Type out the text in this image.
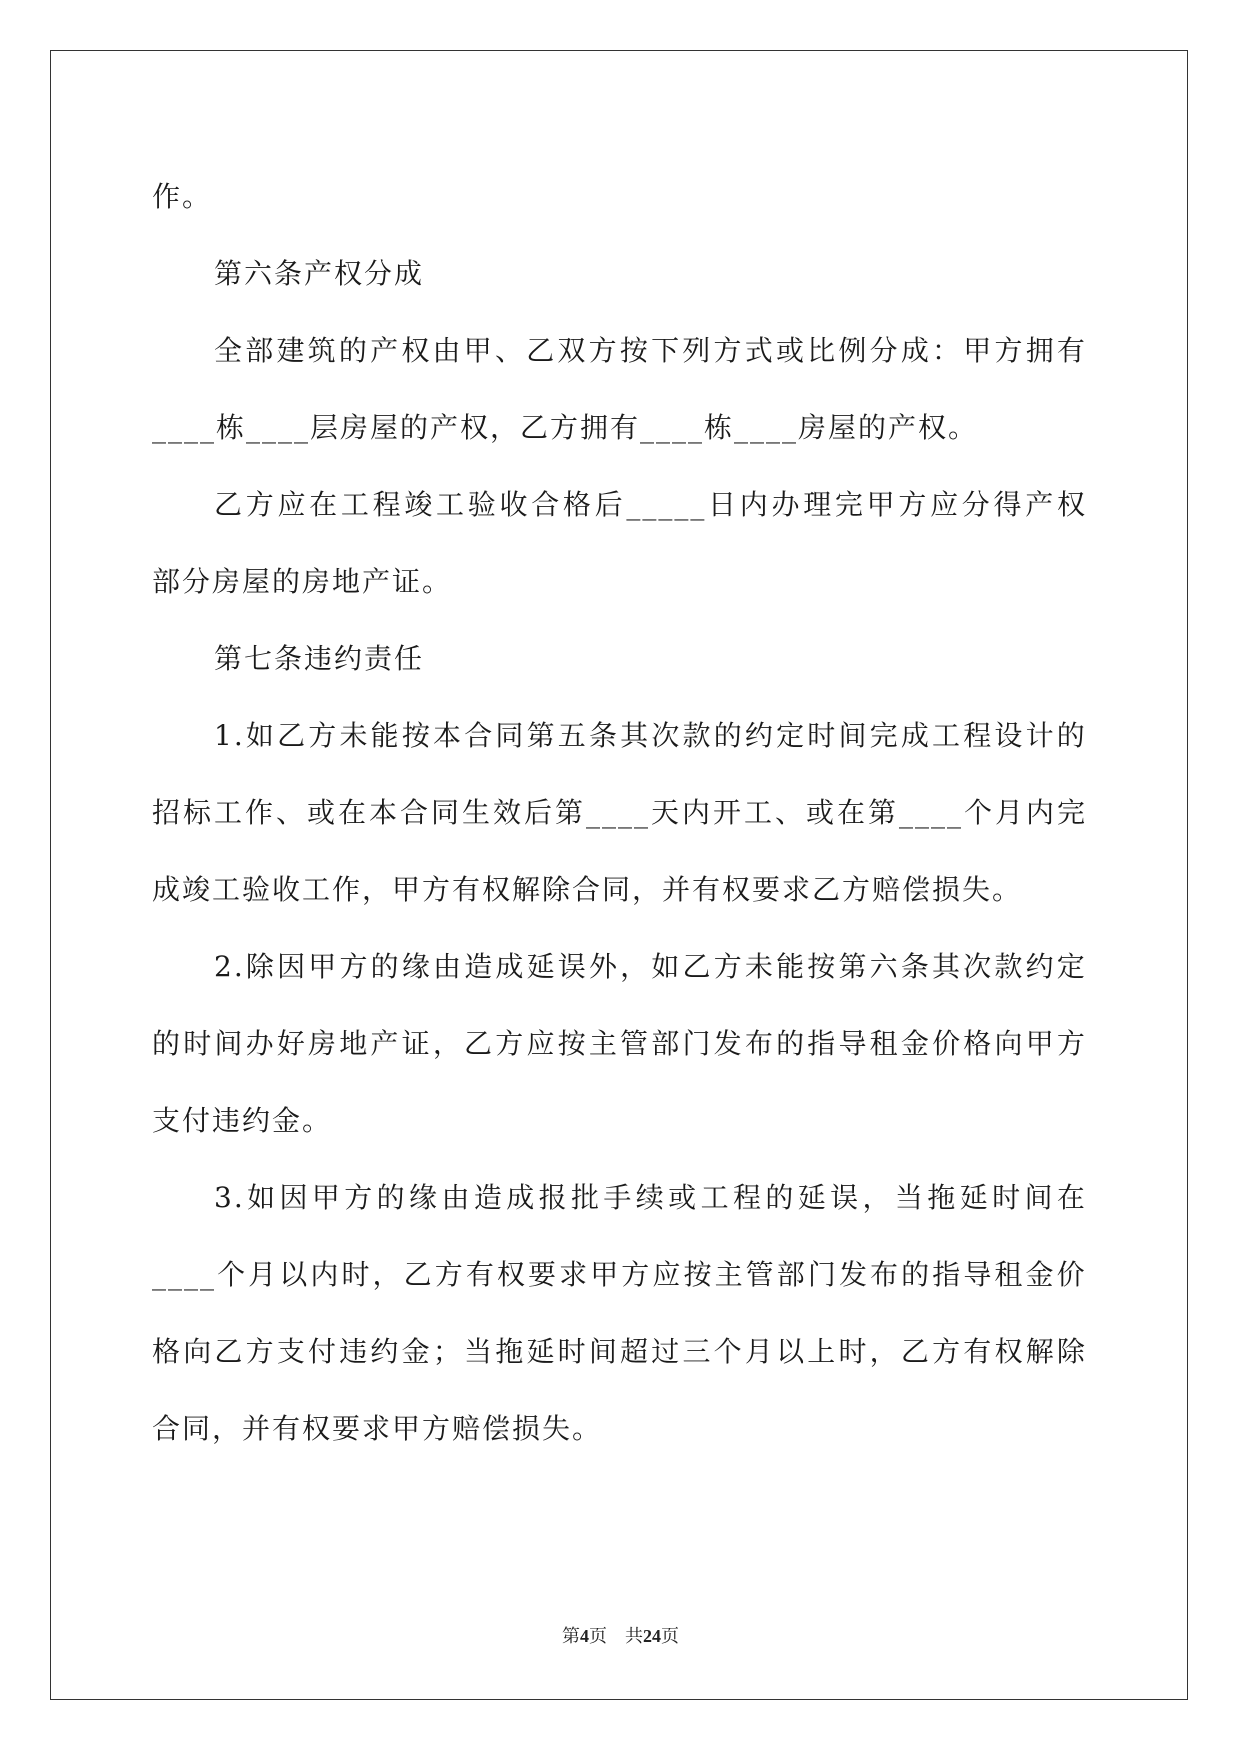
作。
第六条产权分成
全 部 建 筑 的 产 权 由 甲 、 乙 双 方 按 下 列 方 式 或 比 例 分 成 ： 甲 方 拥 有
____栋____层房屋的产权，乙方拥有____栋____房屋的产权。
乙 方 应 在 工 程 竣 工 验 收 合 格 后 _____ 日 内 办 理 完 甲 方 应 分 得 产 权
部分房屋的房地产证。
第七条违约责任
1. 如 乙 方 未 能 按 本 合 同 第 五 条 其 次 款 的 约 定 时 间 完 成 工 程 设 计 的
招 标 工 作 、 或 在 本 合 同 生 效 后 第 ____ 天 内 开 工 、 或 在 第 ____ 个 月 内 完
成竣工验收工作，甲方有权解除合同，并有权要求乙方赔偿损失。
2. 除 因 甲 方 的 缘 由 造 成 延 误 外 ， 如 乙 方 未 能 按 第 六 条 其 次 款 约 定
的 时 间 办 好 房 地 产 证 ， 乙 方 应 按 主 管 部 门 发 布 的 指 导 租 金 价 格 向 甲 方
支付违约金。
3. 如 因 甲 方 的 缘 由 造 成 报 批 手 续 或 工 程 的 延 误 ， 当 拖 延 时 间 在
____ 个 月 以 内 时 ， 乙 方 有 权 要 求 甲 方 应 按 主 管 部 门 发 布 的 指 导 租 金 价
格 向 乙 方 支 付 违 约 金 ； 当 拖 延 时 间 超 过 三 个 月 以 上 时 ， 乙 方 有 权 解 除
合同，并有权要求甲方赔偿损失。
第4页 共24页
